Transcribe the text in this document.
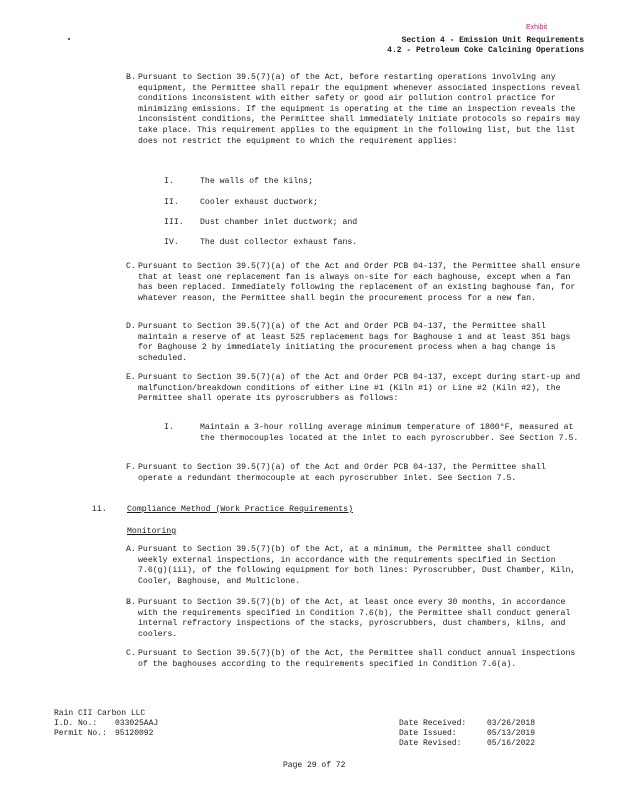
Exhibit
Section 4 - Emission Unit Requirements
4.2 - Petroleum Coke Calcining Operations
B. Pursuant to Section 39.5(7)(a) of the Act, before restarting operations involving any equipment, the Permittee shall repair the equipment whenever associated inspections reveal conditions inconsistent with either safety or good air pollution control practice for minimizing emissions. If the equipment is operating at the time an inspection reveals the inconsistent conditions, the Permittee shall immediately initiate protocols so repairs may take place. This requirement applies to the equipment in the following list, but the list does not restrict the equipment to which the requirement applies:
I.	The walls of the kilns;
II.	Cooler exhaust ductwork;
III. Dust chamber inlet ductwork; and
IV.	The dust collector exhaust fans.
C. Pursuant to Section 39.5(7)(a) of the Act and Order PCB 04-137, the Permittee shall ensure that at least one replacement fan is always on-site for each baghouse, except when a fan has been replaced. Immediately following the replacement of an existing baghouse fan, for whatever reason, the Permittee shall begin the procurement process for a new fan.
D. Pursuant to Section 39.5(7)(a) of the Act and Order PCB 04-137, the Permittee shall maintain a reserve of at least 525 replacement bags for Baghouse 1 and at least 351 bags for Baghouse 2 by immediately initiating the procurement process when a bag change is scheduled.
E. Pursuant to Section 39.5(7)(a) of the Act and Order PCB 04-137, except during start-up and malfunction/breakdown conditions of either Line #1 (Kiln #1) or Line #2 (Kiln #2), the Permittee shall operate its pyroscrubbers as follows:
I.	Maintain a 3-hour rolling average minimum temperature of 1800°F, measured at the thermocouples located at the inlet to each pyroscrubber. See Section 7.5.
F. Pursuant to Section 39.5(7)(a) of the Act and Order PCB 04-137, the Permittee shall operate a redundant thermocouple at each pyroscrubber inlet. See Section 7.5.
ii. Compliance Method (Work Practice Requirements)
Monitoring
A. Pursuant to Section 39.5(7)(b) of the Act, at a minimum, the Permittee shall conduct weekly external inspections, in accordance with the requirements specified in Section 7.6(g)(iii), of the following equipment for both lines: Pyroscrubber, Dust Chamber, Kiln, Cooler, Baghouse, and Multiclone.
B. Pursuant to Section 39.5(7)(b) of the Act, at least once every 30 months, in accordance with the requirements specified in Condition 7.6(b), the Permittee shall conduct general internal refractory inspections of the stacks, pyroscrubbers, dust chambers, kilns, and coolers.
C. Pursuant to Section 39.5(7)(b) of the Act, the Permittee shall conduct annual inspections of the baghouses according to the requirements specified in Condition 7.6(a).
Rain CII Carbon LLC
I.D. No.: 033025AAJ
Permit No.: 95120092
Date Received:	03/26/2018
Date Issued:	05/13/2019
Date Revised:	05/16/2022
Page 29 of 72
